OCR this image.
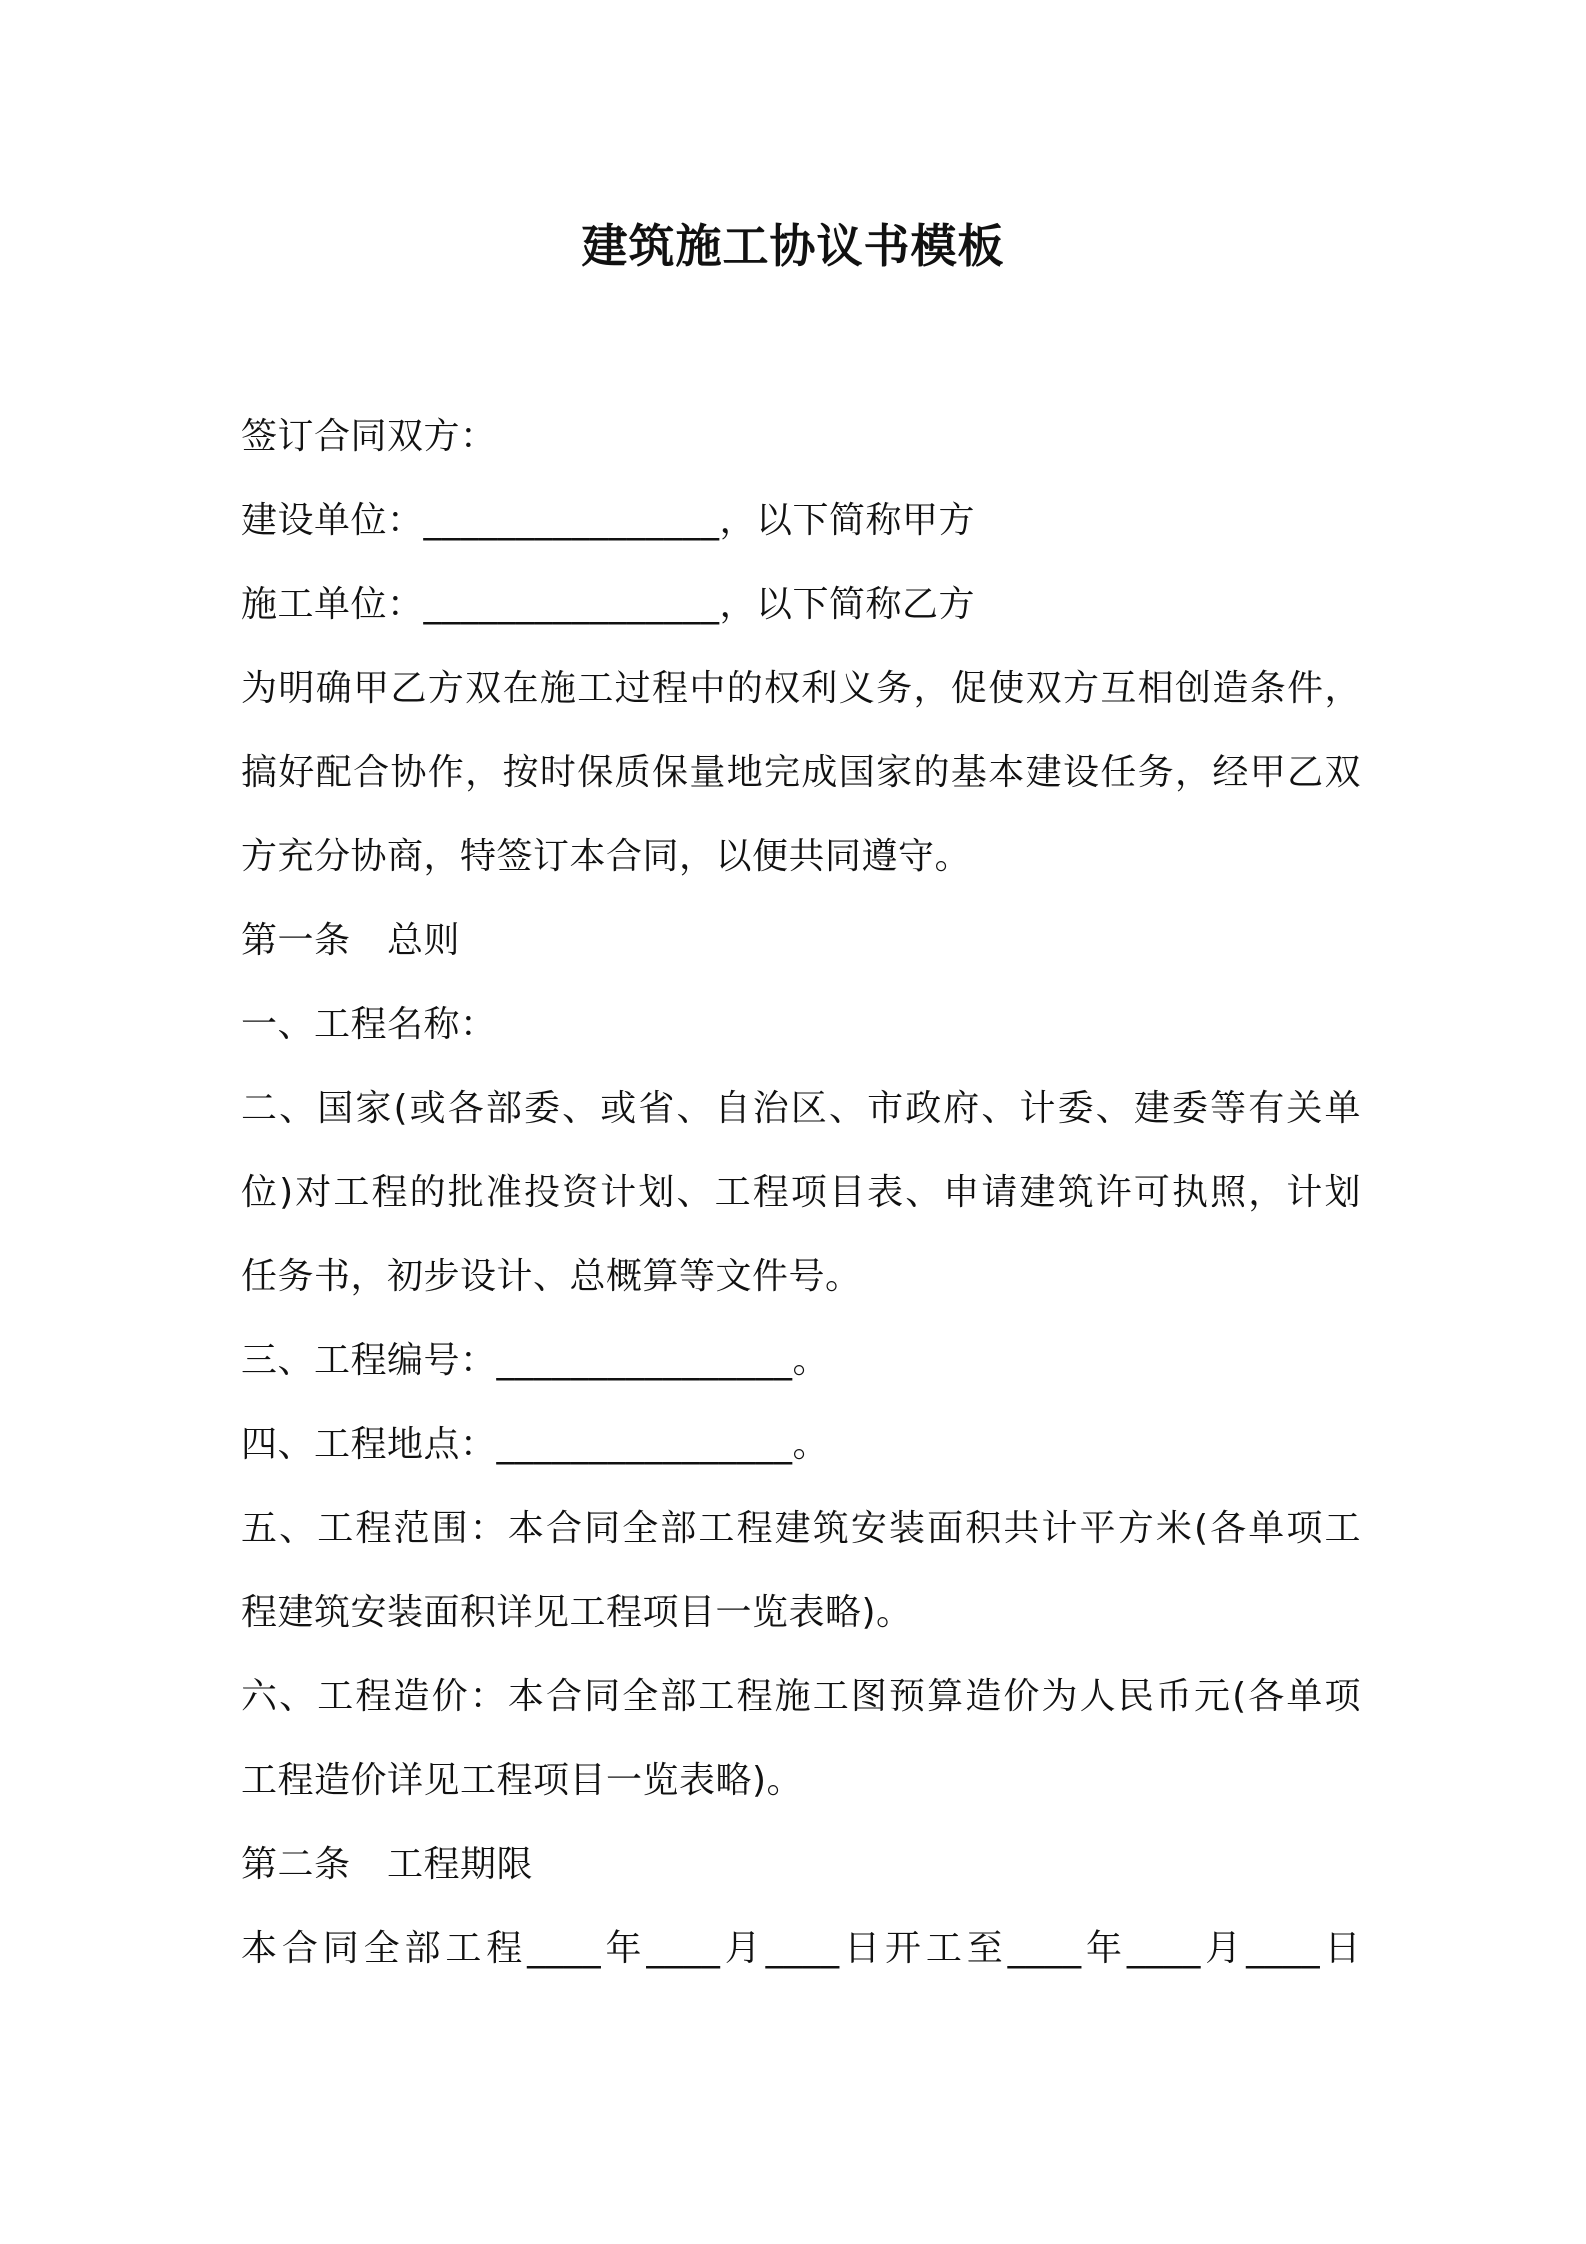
建筑施工协议书模板
签订合同双方：
建设单位：________________，以下简称甲方
施工单位：________________，以下简称乙方
为明确甲乙方双在施工过程中的权利义务，促使双方互相创造条件，
搞好配合协作，按时保质保量地完成国家的基本建设任务，经甲乙双
方充分协商，特签订本合同，以便共同遵守。
第一条　总则
一、工程名称：
二、国家(或各部委、或省、自治区、市政府、计委、建委等有关单
位)对工程的批准投资计划、工程项目表、申请建筑许可执照，计划
任务书，初步设计、总概算等文件号。
三、工程编号：________________。
四、工程地点：________________。
五、工程范围：本合同全部工程建筑安装面积共计平方米(各单项工
程建筑安装面积详见工程项目一览表略)。
六、工程造价：本合同全部工程施工图预算造价为人民币元(各单项
工程造价详见工程项目一览表略)。
第二条　工程期限
本合同全部工程____年____月____日开工至____年____月____日
